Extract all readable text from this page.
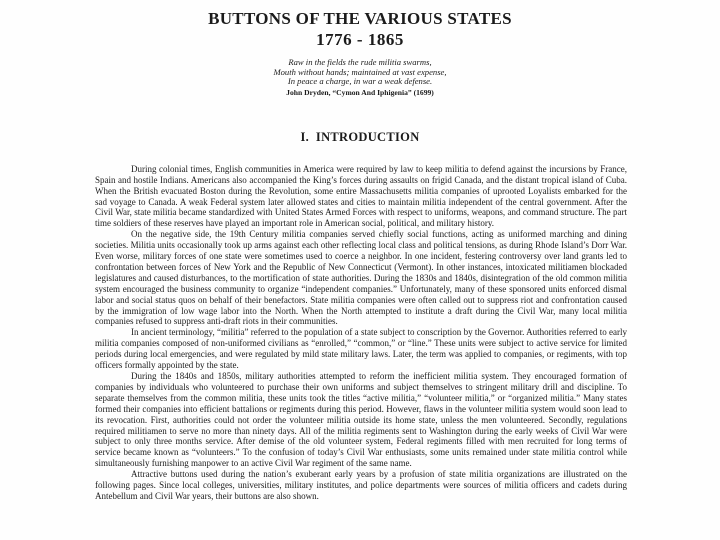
BUTTONS OF THE VARIOUS STATES
1776 - 1865
Raw in the fields the rude militia swarms,
Mouth without hands; maintained at vast expense,
In peace a charge, in war a weak defense.
John Dryden, “Cymon And Iphigenia” (1699)
I.  INTRODUCTION

During colonial times, English communities in America were required by law to keep militia to defend against the incursions by France, Spain and hostile Indians. Americans also accompanied the King’s forces during assaults on frigid Canada, and the distant tropical island of Cuba. When the British evacuated Boston during the Revolution, some entire Massachusetts militia companies of uprooted Loyalists embarked for the sad voyage to Canada. A weak Federal system later allowed states and cities to maintain militia independent of the central government. After the Civil War, state militia became standardized with United States Armed Forces with respect to uniforms, weapons, and command structure. The part time soldiers of these reserves have played an important role in American social, political, and military history.

On the negative side, the 19th Century militia companies served chiefly social functions, acting as uniformed marching and dining societies. Militia units occasionally took up arms against each other reflecting local class and political tensions, as during Rhode Island’s Dorr War. Even worse, military forces of one state were sometimes used to coerce a neighbor. In one incident, festering controversy over land grants led to confrontation between forces of New York and the Republic of New Connecticut (Vermont). In other instances, intoxicated militiamen blockaded legislatures and caused disturbances, to the mortification of state authorities. During the 1830s and 1840s, disintegration of the old common militia system encouraged the business community to organize “independent companies.” Unfortunately, many of these sponsored units enforced dismal labor and social status quos on behalf of their benefactors. State militia companies were often called out to suppress riot and confrontation caused by the immigration of low wage labor into the North. When the North attempted to institute a draft during the Civil War, many local militia companies refused to suppress anti-draft riots in their communities.

In ancient terminology, “militia” referred to the population of a state subject to conscription by the Governor. Authorities referred to early militia companies composed of non-uniformed civilians as “enrolled,” “common,” or “line.” These units were subject to active service for limited periods during local emergencies, and were regulated by mild state military laws. Later, the term was applied to companies, or regiments, with top officers formally appointed by the state.

During the 1840s and 1850s, military authorities attempted to reform the inefficient militia system. They encouraged formation of companies by individuals who volunteered to purchase their own uniforms and subject themselves to stringent military drill and discipline. To separate themselves from the common militia, these units took the titles “active militia,” “volunteer militia,” or “organized militia.” Many states formed their companies into efficient battalions or regiments during this period. However, flaws in the volunteer militia system would soon lead to its revocation. First, authorities could not order the volunteer militia outside its home state, unless the men volunteered. Secondly, regulations required militiamen to serve no more than ninety days. All of the militia regiments sent to Washington during the early weeks of Civil War were subject to only three months service. After demise of the old volunteer system, Federal regiments filled with men recruited for long terms of service became known as “volunteers.” To the confusion of today’s Civil War enthusiasts, some units remained under state militia control while simultaneously furnishing manpower to an active Civil War regiment of the same name.

Attractive buttons used during the nation’s exuberant early years by a profusion of state militia organizations are illustrated on the following pages. Since local colleges, universities, military institutes, and police departments were sources of militia officers and cadets during Antebellum and Civil War years, their buttons are also shown.
